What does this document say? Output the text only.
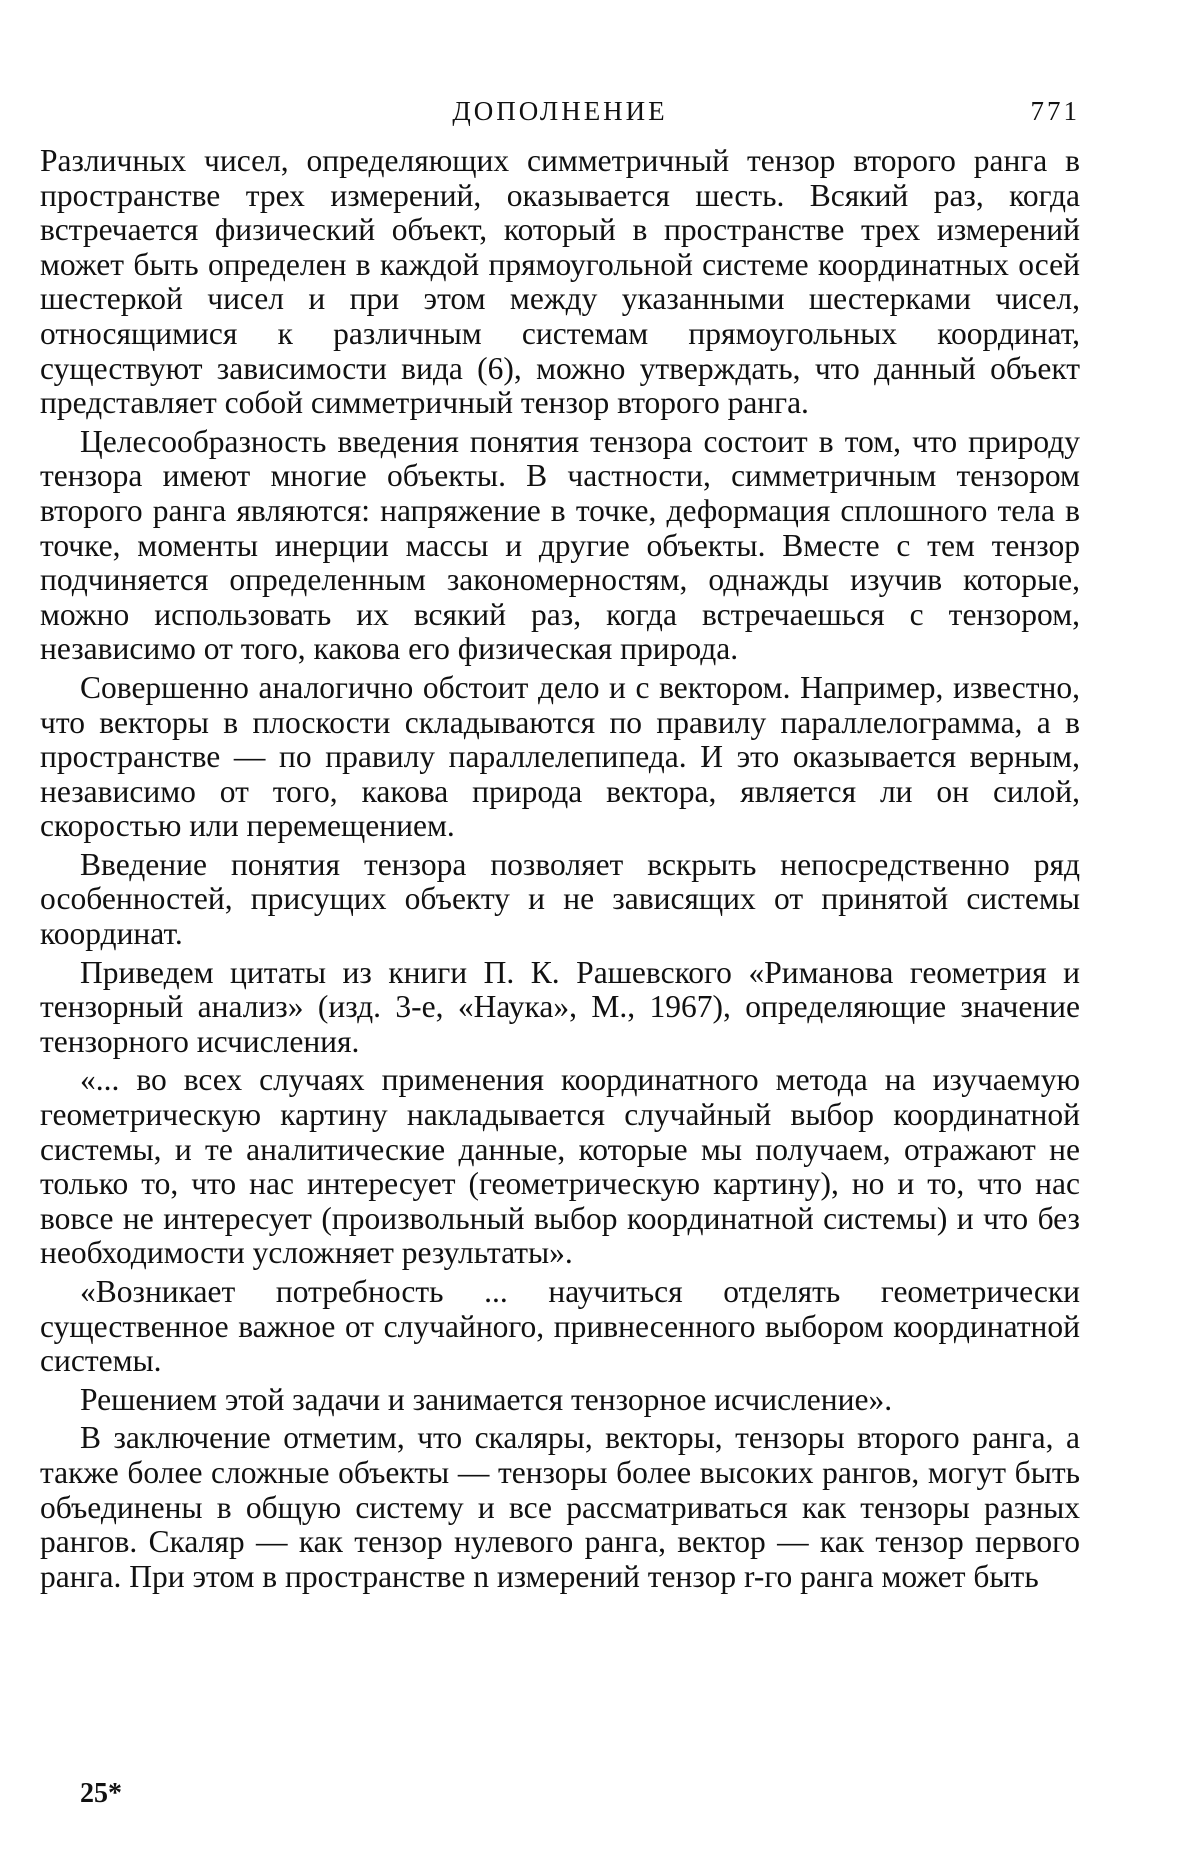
ДОПОЛНЕНИЕ	771

Различных чисел, определяющих симметричный тензор второго ранга в пространстве трех измерений, оказывается шесть. Всякий раз, когда встречается физический объект, который в пространстве трех измерений может быть определен в каждой прямоугольной системе координатных осей шестеркой чисел и при этом между указанными шестерками чисел, относящимися к различным системам прямоугольных координат, существуют зависимости вида (6), можно утверждать, что данный объект представляет собой симметричный тензор второго ранга.

Целесообразность введения понятия тензора состоит в том, что природу тензора имеют многие объекты. В частности, симметричным тензором второго ранга являются: напряжение в точке, деформация сплошного тела в точке, моменты инерции массы и другие объекты. Вместе с тем тензор подчиняется определенным закономерностям, однажды изучив которые, можно использовать их всякий раз, когда встречаешься с тензором, независимо от того, какова его физическая природа.

Совершенно аналогично обстоит дело и с вектором. Например, известно, что векторы в плоскости складываются по правилу параллелограмма, а в пространстве — по правилу параллелепипеда. И это оказывается верным, независимо от того, какова природа вектора, является ли он силой, скоростью или перемещением.

Введение понятия тензора позволяет вскрыть непосредственно ряд особенностей, присущих объекту и не зависящих от принятой системы координат.

Приведем цитаты из книги П. К. Рашевского «Риманова геометрия и тензорный анализ» (изд. 3-е, «Наука», М., 1967), определяющие значение тензорного исчисления.

«... во всех случаях применения координатного метода на изучаемую геометрическую картину накладывается случайный выбор координатной системы, и те аналитические данные, которые мы получаем, отражают не только то, что нас интересует (геометрическую картину), но и то, что нас вовсе не интересует (произвольный выбор координатной системы) и что без необходимости усложняет результаты».

«Возникает потребность ... научиться отделять геометрически существенное важное от случайного, привнесенного выбором координатной системы.

Решением этой задачи и занимается тензорное исчисление».

В заключение отметим, что скаляры, векторы, тензоры второго ранга, а также более сложные объекты — тензоры более высоких рангов, могут быть объединены в общую систему и все рассматриваться как тензоры разных рангов. Скаляр — как тензор нулевого ранга, вектор — как тензор первого ранга. При этом в пространстве n измерений тензор r-го ранга может быть

25*
